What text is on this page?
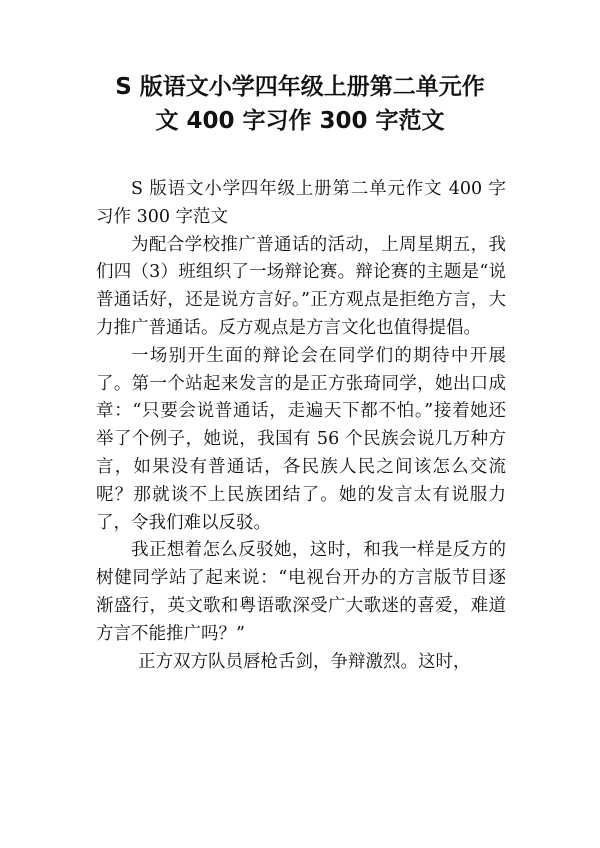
S 版语文小学四年级上册第二单元作
文 400 字习作 300 字范文

S 版语文小学四年级上册第二单元作文 400 字习作 300 字范文

为配合学校推广普通话的活动，上周星期五，我们四（3）班组织了一场辩论赛。辩论赛的主题是“说普通话好，还是说方言好。”正方观点是拒绝方言，大力推广普通话。反方观点是方言文化也值得提倡。

一场别开生面的辩论会在同学们的期待中开展了。第一个站起来发言的是正方张琦同学，她出口成章：“只要会说普通话，走遍天下都不怕。”接着她还举了个例子，她说，我国有 56 个民族会说几万种方言，如果没有普通话，各民族人民之间该怎么交流呢？那就谈不上民族团结了。她的发言太有说服力了，令我们难以反驳。

我正想着怎么反驳她，这时，和我一样是反方的树健同学站了起来说：“电视台开办的方言版节目逐渐盛行，英文歌和粤语歌深受广大歌迷的喜爱，难道方言不能推广吗？”

正方双方队员唇枪舌剑，争辩激烈。这时，
